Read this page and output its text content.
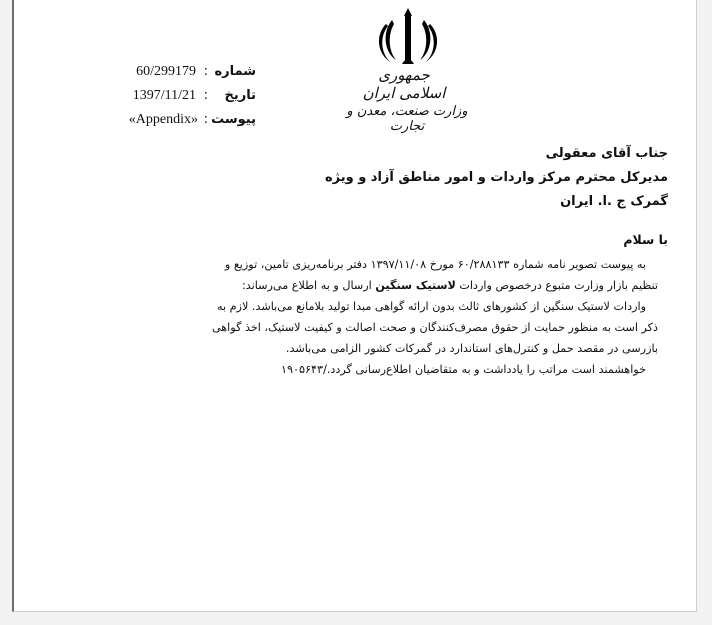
جمهوری اسلامی ایران
وزارت صنعت، معدن و تجارت
شماره
:
60/299179
تاریخ
:
1397/11/21
پیوست
:
«Appendix»
جناب آقای معقولی
مدیرکل محترم مرکز واردات و امور مناطق آزاد و ویژه
گمرک ج .ا. ایران
با سلام
به پیوست تصویر نامه شماره ۶۰/۲۸۸۱۳۳ مورخ ۱۳۹۷/۱۱/۰۸ دفتر برنامه‌ریزی تامین، توزیع و
تنظیم بازار وزارت متبوع درخصوص واردات لاستیک سنگین ارسال و به اطلاع می‌رساند:
واردات لاستیک سنگین از کشورهای ثالث بدون ارائه گواهی مبدا تولید بلامانع می‌باشد. لازم به
ذکر است به منظور حمایت از حقوق مصرف‌کنندگان و صحت اصالت و کیفیت لاستیک، اخذ گواهی
بازرسی در مقصد حمل و کنترل‌های استاندارد در گمرکات کشور الزامی می‌باشد.
خواهشمند است مراتب را یادداشت و به متقاضیان اطلاع‌رسانی گردد./۱۹۰۵۶۴۳
